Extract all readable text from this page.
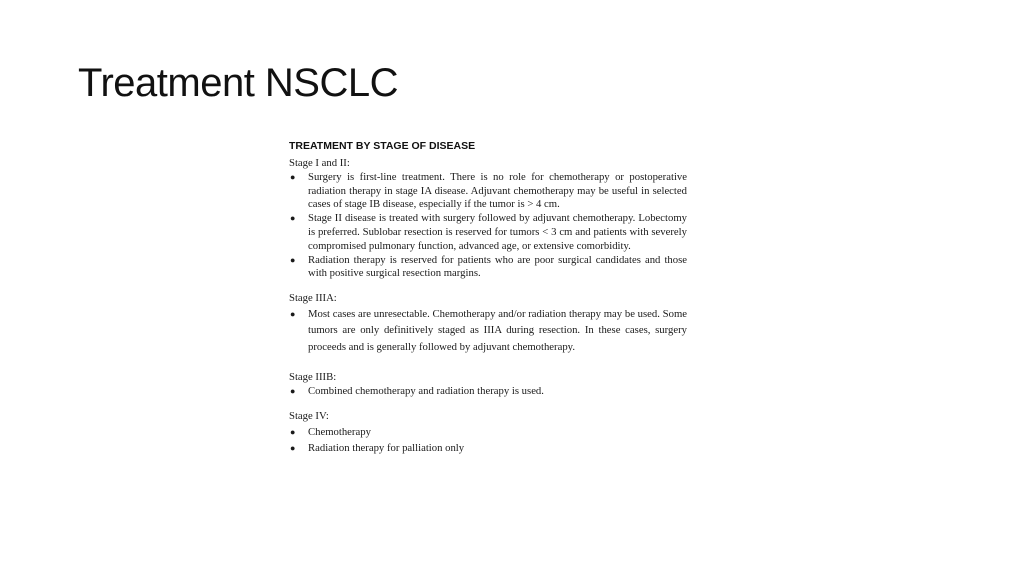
Treatment NSCLC
TREATMENT BY STAGE OF DISEASE

Stage I and II:

● Surgery is first-line treatment. There is no role for chemotherapy or postoperative radiation therapy in stage IA disease. Adjuvant chemotherapy may be useful in selected cases of stage IB disease, especially if the tumor is > 4 cm.
● Stage II disease is treated with surgery followed by adjuvant chemotherapy. Lobectomy is preferred. Sublobar resection is reserved for tumors < 3 cm and patients with severely compromised pulmonary function, advanced age, or extensive comorbidity.
● Radiation therapy is reserved for patients who are poor surgical candidates and those with positive surgical resection margins.

Stage IIIA:

● Most cases are unresectable. Chemotherapy and/or radiation therapy may be used. Some tumors are only definitively staged as IIIA during resection. In these cases, surgery proceeds and is generally followed by adjuvant chemotherapy.

Stage IIIB:

● Combined chemotherapy and radiation therapy is used.

Stage IV:

● Chemotherapy
● Radiation therapy for palliation only
